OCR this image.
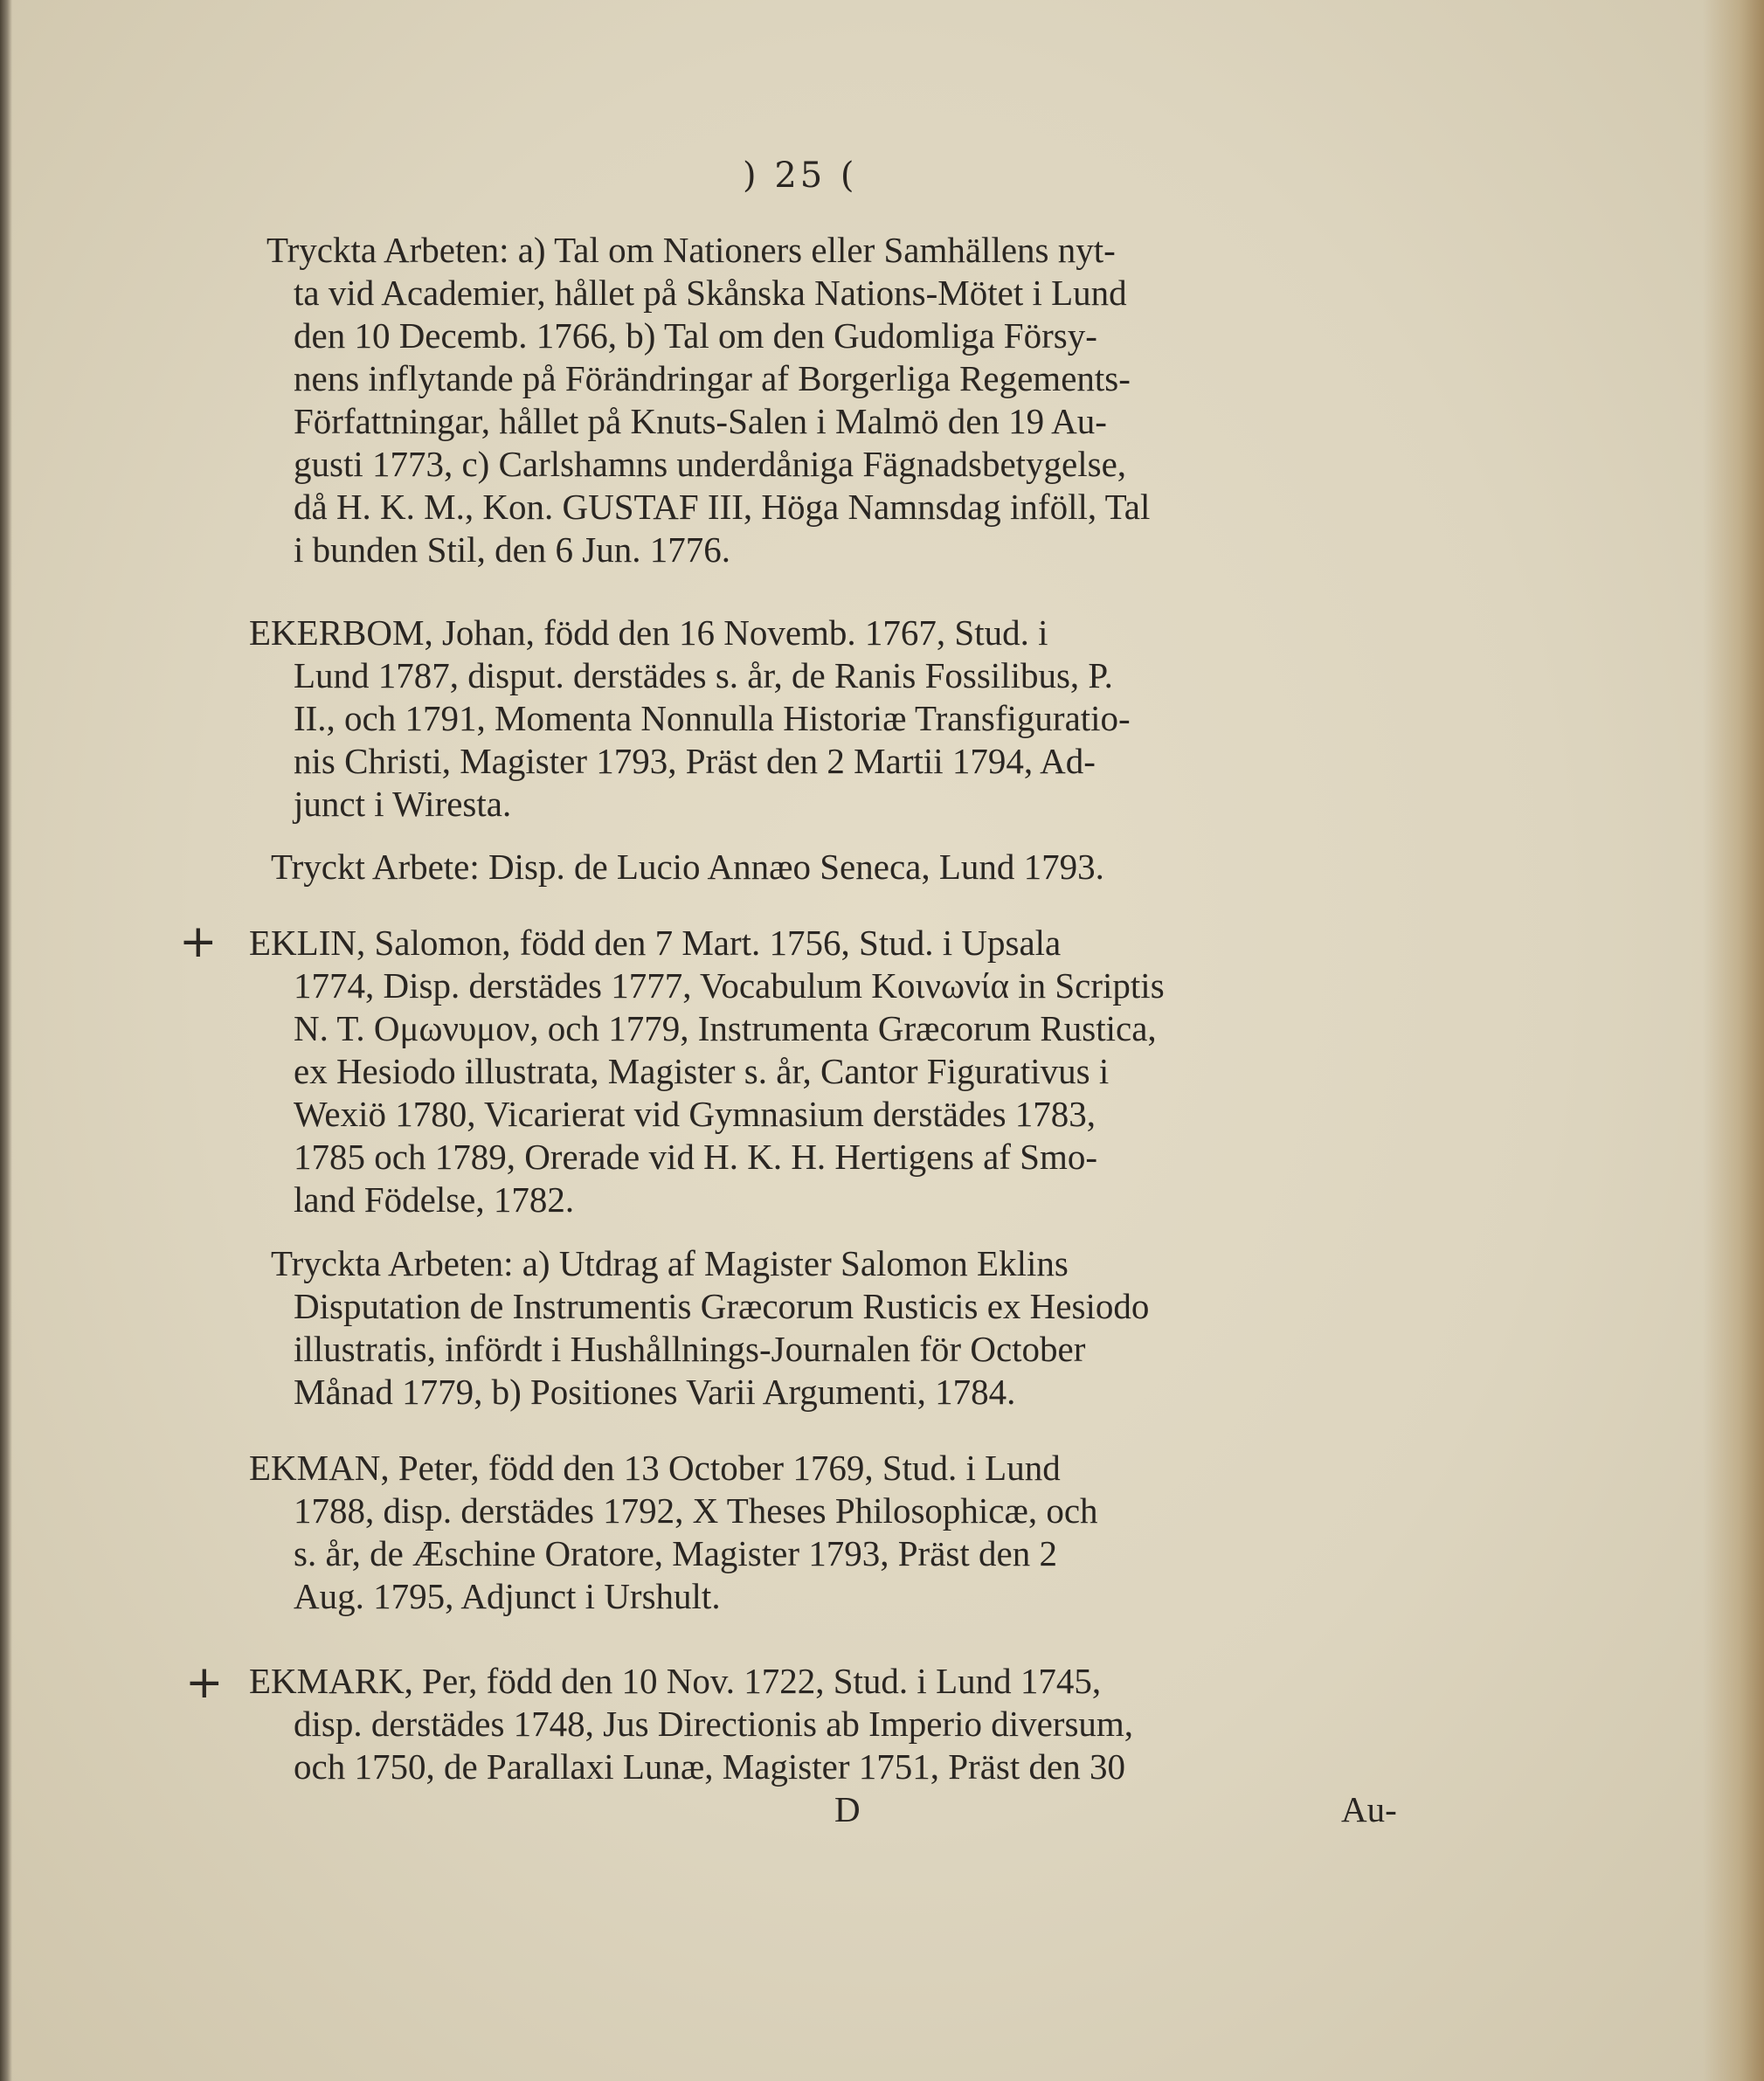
) 25 (
Tryckta Arbeten: a) Tal om Nationers eller Samhällens nyt-
ta vid Academier, hållet på Skånska Nations-Mötet i Lund
den 10 Decemb. 1766, b) Tal om den Gudomliga Försy-
nens inflytande på Förändringar af Borgerliga Regements-
Författningar, hållet på Knuts-Salen i Malmö den 19 Au-
gusti 1773, c) Carlshamns underdåniga Fägnadsbetygelse,
då H. K. M., Kon. GUSTAF III, Höga Namnsdag inföll, Tal
i bunden Stil, den 6 Jun. 1776.
EKERBOM, Johan, född den 16 Novemb. 1767, Stud. i
Lund 1787, disput. derstädes s. år, de Ranis Fossilibus, P.
II., och 1791, Momenta Nonnulla Historiæ Transfiguratio-
nis Christi, Magister 1793, Präst den 2 Martii 1794, Ad-
junct i Wiresta.
Tryckt Arbete: Disp. de Lucio Annæo Seneca, Lund 1793.
+ EKLIN, Salomon, född den 7 Mart. 1756, Stud. i Upsala
1774, Disp. derstädes 1777, Vocabulum Κοινωνία in Scriptis
N. T. Ομωνυμον, och 1779, Instrumenta Græcorum Rustica,
ex Hesiodo illustrata, Magister s. år, Cantor Figurativus i
Wexiö 1780, Vicarierat vid Gymnasium derstädes 1783,
1785 och 1789, Orerade vid H. K. H. Hertigens af Smo-
land Födelse, 1782.
Tryckta Arbeten: a) Utdrag af Magister Salomon Eklins
Disputation de Instrumentis Græcorum Rusticis ex Hesiodo
illustratis, infördt i Hushållnings-Journalen för October
Månad 1779, b) Positiones Varii Argumenti, 1784.
EKMAN, Peter, född den 13 October 1769, Stud. i Lund
1788, disp. derstädes 1792, X Theses Philosophicæ, och
s. år, de Æschine Oratore, Magister 1793, Präst den 2
Aug. 1795, Adjunct i Urshult.
+ EKMARK, Per, född den 10 Nov. 1722, Stud. i Lund 1745,
disp. derstädes 1748, Jus Directionis ab Imperio diversum,
och 1750, de Parallaxi Lunæ, Magister 1751, Präst den 30
D	Au-
